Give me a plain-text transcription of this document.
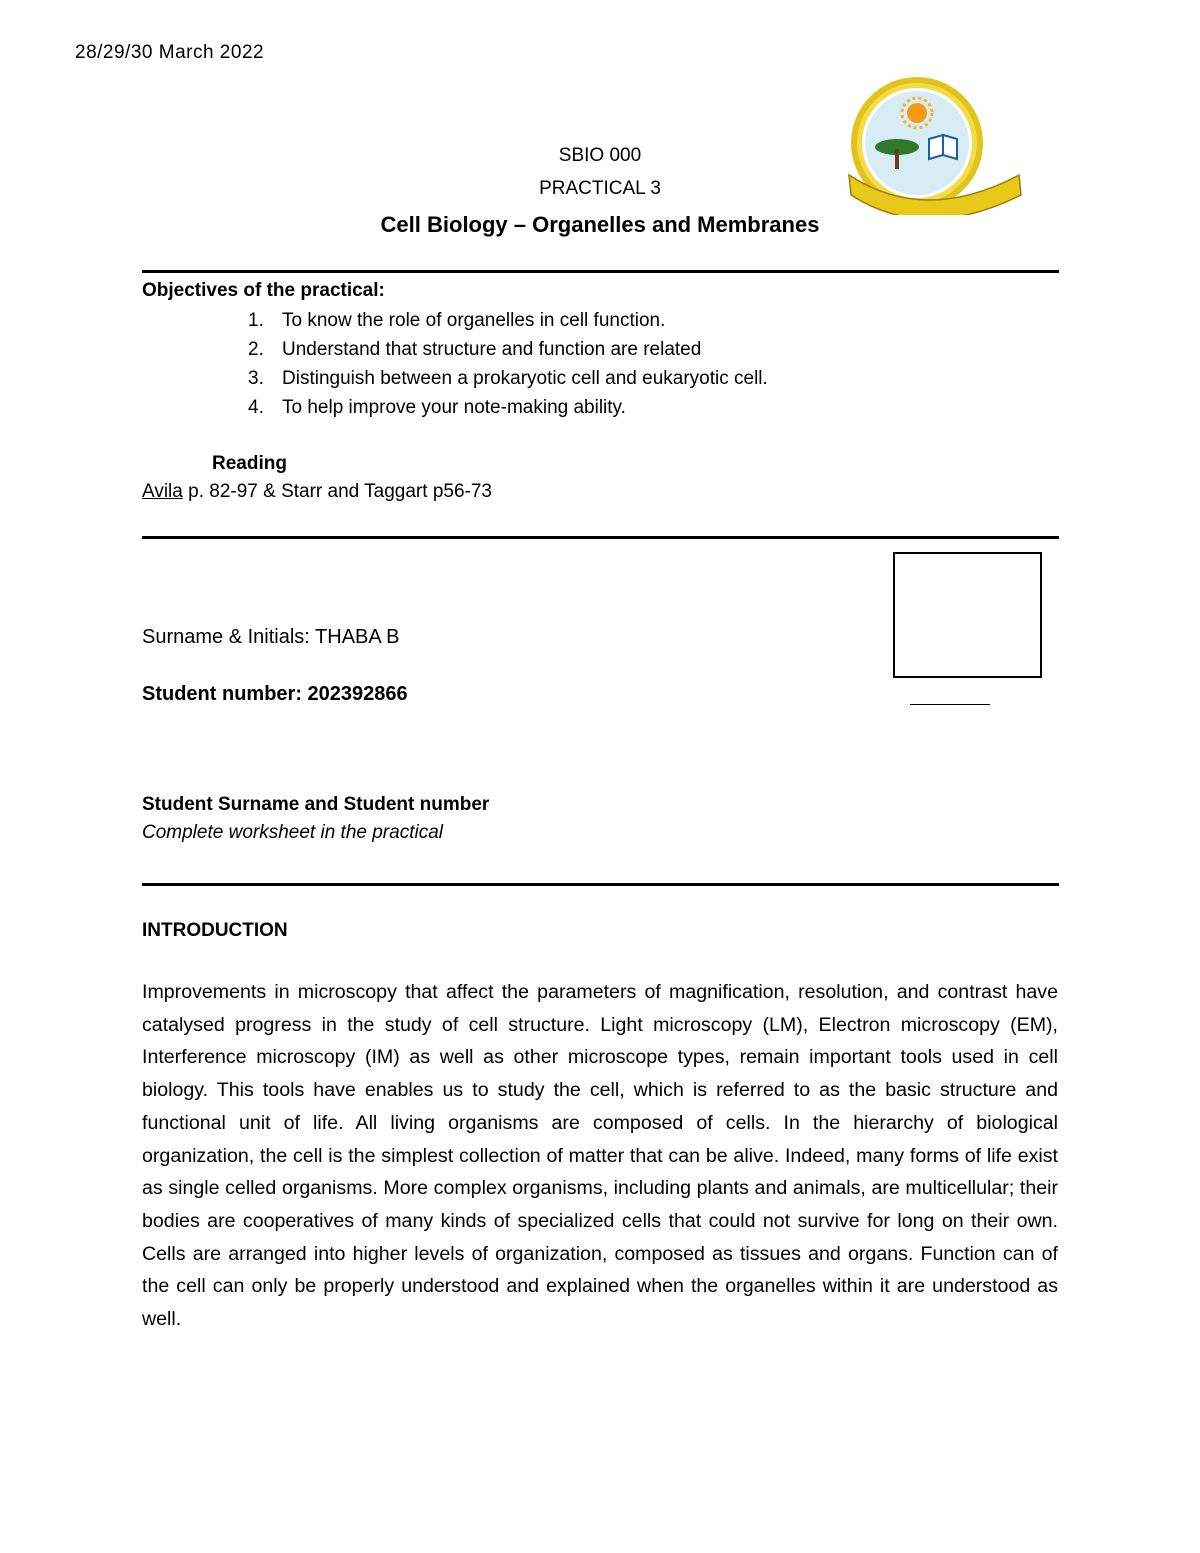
28/29/30 March 2022
SBIO 000
PRACTICAL 3
Cell Biology – Organelles and Membranes
Objectives of the practical:
1. To know the role of organelles in cell function.
2. Understand that structure and function are related
3. Distinguish between a prokaryotic cell and eukaryotic cell.
4. To help improve your note-making ability.
Reading
Avila p. 82-97 & Starr and Taggart p56-73
Surname & Initials: THABA B
Student number: 202392866
Student Surname and Student number
Complete worksheet in the practical
INTRODUCTION

Improvements in microscopy that affect the parameters of magnification, resolution, and contrast have catalysed progress in the study of cell structure. Light microscopy (LM), Electron microscopy (EM), Interference microscopy (IM) as well as other microscope types, remain important tools used in cell biology. This tools have enables us to study the cell, which is referred to as the basic structure and functional unit of life. All living organisms are composed of cells. In the hierarchy of biological organization, the cell is the simplest collection of matter that can be alive. Indeed, many forms of life exist as single celled organisms. More complex organisms, including plants and animals, are multicellular; their bodies are cooperatives of many kinds of specialized cells that could not survive for long on their own. Cells are arranged into higher levels of organization, composed as tissues and organs. Function can of the cell can only be properly understood and explained when the organelles within it are understood as well.
